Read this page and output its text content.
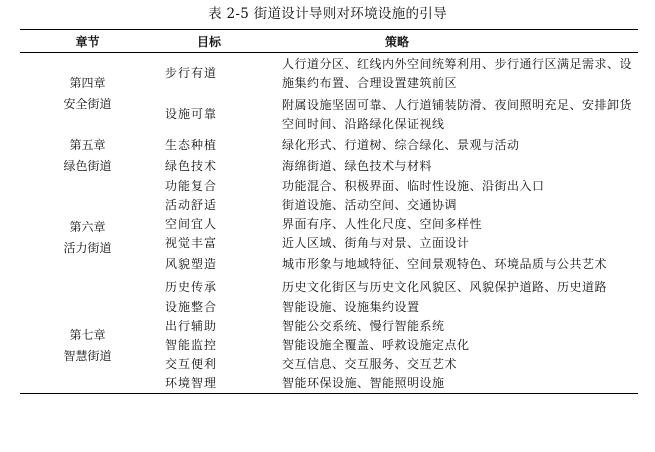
表 2-5 街道设计导则对环境设施的引导
章节	目标	策略

第四章
安全街道	步行有道	人行道分区、红线内外空间统筹利用、步行通行区满足需求、设施集约布置、合理设置建筑前区
	设施可靠	附属设施坚固可靠、人行道铺装防滑、夜间照明充足、安排卸货空间时间、沿路绿化保证视线

第五章
绿色街道	生态种植	绿化形式、行道树、综合绿化、景观与活动
	绿色技术	海绵街道、绿色技术与材料

第六章
活力街道	功能复合	功能混合、积极界面、临时性设施、沿街出入口
	活动舒适	街道设施、活动空间、交通协调
	空间宜人	界面有序、人性化尺度、空间多样性
	视觉丰富	近人区域、街角与对景、立面设计
	风貌塑造	城市形象与地域特征、空间景观特色、环境品质与公共艺术
	历史传承	历史文化街区与历史文化风貌区、风貌保护道路、历史道路

第七章
智慧街道	设施整合	智能设施、设施集约设置
	出行辅助	智能公交系统、慢行智能系统
	智能监控	智能设施全覆盖、呼救设施定点化
	交互便利	交互信息、交互服务、交互艺术
	环境智理	智能环保设施、智能照明设施
